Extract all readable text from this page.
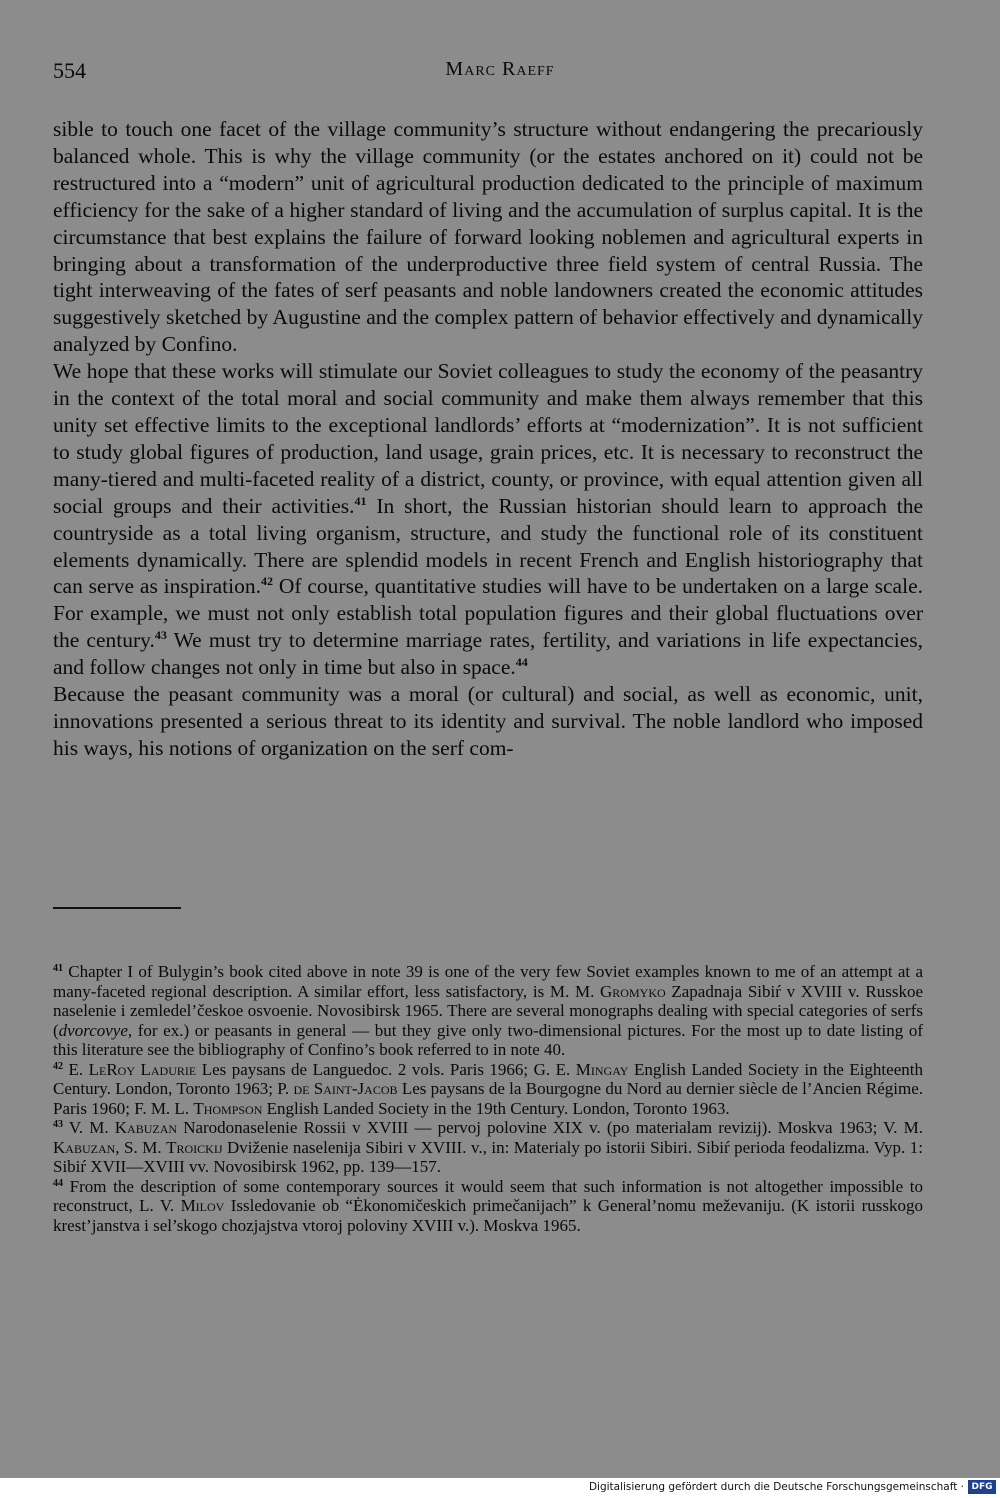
554	Marc Raeff

sible to touch one facet of the village community’s structure without endangering the precariously balanced whole. This is why the village community (or the estates anchored on it) could not be restructured into a “modern” unit of agricultural production dedicated to the principle of maximum efficiency for the sake of a higher standard of living and the accumulation of surplus capital. It is the circumstance that best explains the failure of forward looking noblemen and agricultural experts in bringing about a transformation of the underproductive three field system of central Russia. The tight interweaving of the fates of serf peasants and noble landowners created the economic attitudes suggestively sketched by Augustine and the complex pattern of behavior effectively and dynamically analyzed by Confino.

We hope that these works will stimulate our Soviet colleagues to study the economy of the peasantry in the context of the total moral and social community and make them always remember that this unity set effective limits to the exceptional landlords’ efforts at “modernization”. It is not sufficient to study global figures of production, land usage, grain prices, etc. It is necessary to reconstruct the many-tiered and multi-faceted reality of a district, county, or province, with equal attention given all social groups and their activities.$^{41}$ In short, the Russian historian should learn to approach the countryside as a total living organism, structure, and study the functional role of its constituent elements dynamically. There are splendid models in recent French and English historiography that can serve as inspiration.$^{42}$ Of course, quantitative studies will have to be undertaken on a large scale. For example, we must not only establish total population figures and their global fluctuations over the century.$^{43}$ We must try to determine marriage rates, fertility, and variations in life expectancies, and follow changes not only in time but also in space.$^{44}$

Because the peasant community was a moral (or cultural) and social, as well as economic, unit, innovations presented a serious threat to its identity and survival. The noble landlord who imposed his ways, his notions of organization on the serf com-

$^{41}$ Chapter I of Bulygin’s book cited above in note 39 is one of the very few Soviet examples known to me of an attempt at a many-faceted regional description. A similar effort, less satisfactory, is M. M. Gromyko Zapadnaja Sibiŕ v XVIII v. Russkoe naselenie i zemledel’českoe osvoenie. Novosibirsk 1965. There are several monographs dealing with special categories of serfs (dvorcovye, for ex.) or peasants in general — but they give only two-dimensional pictures. For the most up to date listing of this literature see the bibliography of Confino’s book referred to in note 40.

$^{42}$ E. LeRoy Ladurie Les paysans de Languedoc. 2 vols. Paris 1966; G. E. Mingay English Landed Society in the Eighteenth Century. London, Toronto 1963; P. de Saint-Jacob Les paysans de la Bourgogne du Nord au dernier siècle de l’Ancien Régime. Paris 1960; F. M. L. Thompson English Landed Society in the 19th Century. London, Toronto 1963.

$^{43}$ V. M. Kabuzan Narodonaselenie Rossii v XVIII — pervoj polovine XIX v. (po materialam revizij). Moskva 1963; V. M. Kabuzan, S. M. Troickij Dviženie naselenija Sibiri v XVIII. v., in: Materialy po istorii Sibiri. Sibiŕ perioda feodalizma. Vyp. 1: Sibiŕ XVII—XVIII vv. Novosibirsk 1962, pp. 139—157.

$^{44}$ From the description of some contemporary sources it would seem that such information is not altogether impossible to reconstruct, L. V. Milov Issledovanie ob “Ėkonomičeskich primečanijach” k General’nomu meževaniju. (K istorii russkogo krest’janstva i sel’skogo chozjajstva vtoroj poloviny XVIII v.). Moskva 1965.

Digitalisierung gefördert durch die Deutsche Forschungsgemeinschaft · DFG
